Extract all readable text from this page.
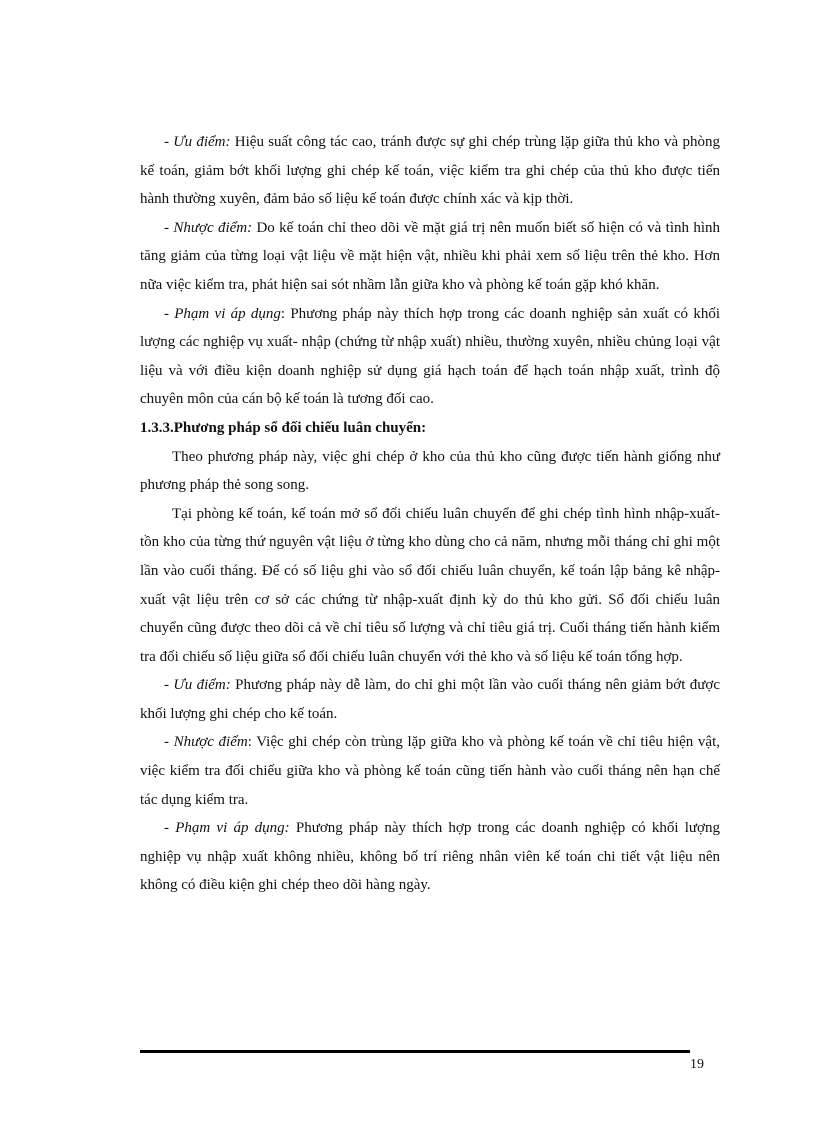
- Ưu điểm: Hiệu suất công tác cao, tránh được sự ghi chép trùng lặp giữa thủ kho và phòng kế toán, giảm bớt khối lượng ghi chép kế toán, việc kiểm tra ghi chép của thủ kho được tiến hành thường xuyên, đảm bảo số liệu kế toán được chính xác và kịp thời.

- Nhược điểm: Do kế toán chỉ theo dõi về mặt giá trị nên muốn biết số hiện có và tình hình tăng giảm của từng loại vật liệu về mặt hiện vật, nhiều khi phải xem số liệu trên thẻ kho. Hơn nữa việc kiểm tra, phát hiện sai sót nhầm lẫn giữa kho và phòng kế toán gặp khó khăn.

- Phạm vi áp dụng: Phương pháp này thích hợp trong các doanh nghiệp sản xuất có khối lượng các nghiệp vụ xuất- nhập (chứng từ nhập xuất) nhiều, thường xuyên, nhiều chủng loại vật liệu và với điều kiện doanh nghiệp sử dụng giá hạch toán để hạch toán nhập xuất, trình độ chuyên môn của cán bộ kế toán là tương đối cao.

1.3.3.Phương pháp sổ đối chiếu luân chuyển:

Theo phương pháp này, việc ghi chép ở kho của thủ kho cũng được tiến hành giống như phương pháp thẻ song song.

Tại phòng kế toán, kế toán mở sổ đối chiếu luân chuyển để ghi chép tình hình nhập-xuất-tồn kho của từng thứ nguyên vật liệu ở từng kho dùng cho cả năm, nhưng mỗi tháng chỉ ghi một lần vào cuối tháng. Để có số liệu ghi vào sổ đối chiếu luân chuyển, kế toán lập bảng kê nhập-xuất vật liệu trên cơ sở các chứng từ nhập-xuất định kỳ do thủ kho gửi. Sổ đối chiếu luân chuyển cũng được theo dõi cả về chỉ tiêu số lượng và chỉ tiêu giá trị. Cuối tháng tiến hành kiểm tra đối chiếu số liệu giữa sổ đối chiếu luân chuyển với thẻ kho và số liệu kế toán tổng hợp.

- Ưu điểm: Phương pháp này dễ làm, do chỉ ghi một lần vào cuối tháng nên giảm bớt được khối lượng ghi chép cho kế toán.

- Nhược điểm: Việc ghi chép còn trùng lặp giữa kho và phòng kế toán về chỉ tiêu hiện vật, việc kiểm tra đối chiếu giữa kho và phòng kế toán cũng tiến hành vào cuối tháng nên hạn chế tác dụng kiểm tra.

- Phạm vi áp dụng: Phương pháp này thích hợp trong các doanh nghiệp có khối lượng nghiệp vụ nhập xuất không nhiều, không bố trí riêng nhân viên kế toán chi tiết vật liệu nên không có điều kiện ghi chép theo dõi hàng ngày.

19
